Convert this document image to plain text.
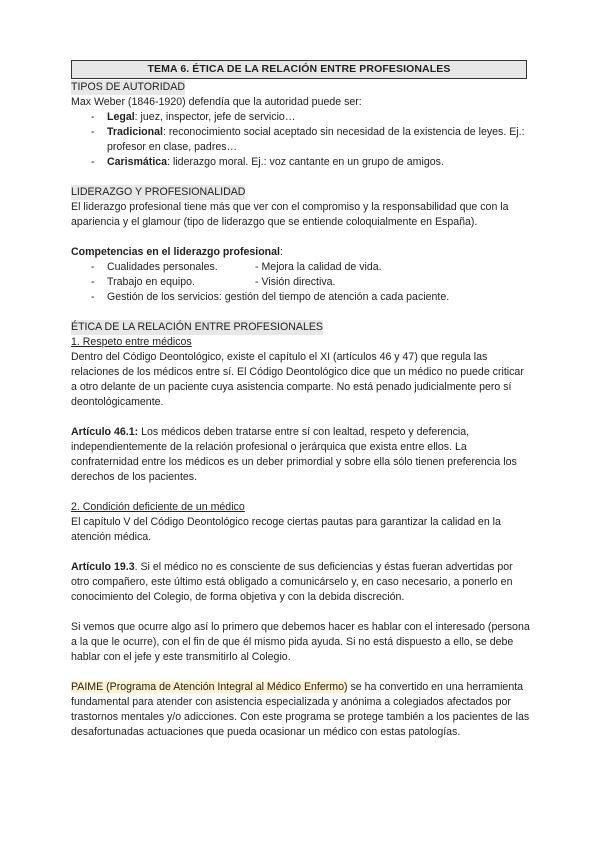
TEMA 6. ÉTICA DE LA RELACIÓN ENTRE PROFESIONALES
TIPOS DE AUTORIDAD

Max Weber (1846-1920) defendía que la autoridad puede ser:

- Legal: juez, inspector, jefe de servicio…
- Tradicional: reconocimiento social aceptado sin necesidad de la existencia de leyes. Ej.: profesor en clase, padres…
- Carismática: liderazgo moral. Ej.: voz cantante en un grupo de amigos.
LIDERAZGO Y PROFESIONALIDAD

El liderazgo profesional tiene más que ver con el compromiso y la responsabilidad que con la apariencia y el glamour (tipo de liderazgo que se entiende coloquialmente en España).

Competencias en el liderazgo profesional:

- Cualidades personales.	- Mejora la calidad de vida.
- Trabajo en equipo.	- Visión directiva.
- Gestión de los servicios: gestión del tiempo de atención a cada paciente.
ÉTICA DE LA RELACIÓN ENTRE PROFESIONALES

1. Respeto entre médicos

Dentro del Código Deontológico, existe el capítulo el XI (artículos 46 y 47) que regula las relaciones de los médicos entre sí. El Código Deontológico dice que un médico no puede criticar a otro delante de un paciente cuya asistencia comparte. No está penado judicialmente pero sí deontológicamente.

Artículo 46.1: Los médicos deben tratarse entre sí con lealtad, respeto y deferencia, independientemente de la relación profesional o jerárquica que exista entre ellos. La confraternidad entre los médicos es un deber primordial y sobre ella sólo tienen preferencia los derechos de los pacientes.

2. Condición deficiente de un médico

El capítulo V del Código Deontológico recoge ciertas pautas para garantizar la calidad en la atención médica.

Artículo 19.3. Si el médico no es consciente de sus deficiencias y éstas fueran advertidas por otro compañero, este último está obligado a comunicárselo y, en caso necesario, a ponerlo en conocimiento del Colegio, de forma objetiva y con la debida discreción.

Si vemos que ocurre algo así lo primero que debemos hacer es hablar con el interesado (persona a la que le ocurre), con el fin de que él mismo pida ayuda. Si no está dispuesto a ello, se debe hablar con el jefe y este transmitirlo al Colegio.

PAIME (Programa de Atención Integral al Médico Enfermo) se ha convertido en una herramienta fundamental para atender con asistencia especializada y anónima a colegiados afectados por trastornos mentales y/o adicciones. Con este programa se protege también a los pacientes de las desafortunadas actuaciones que pueda ocasionar un médico con estas patologías.
